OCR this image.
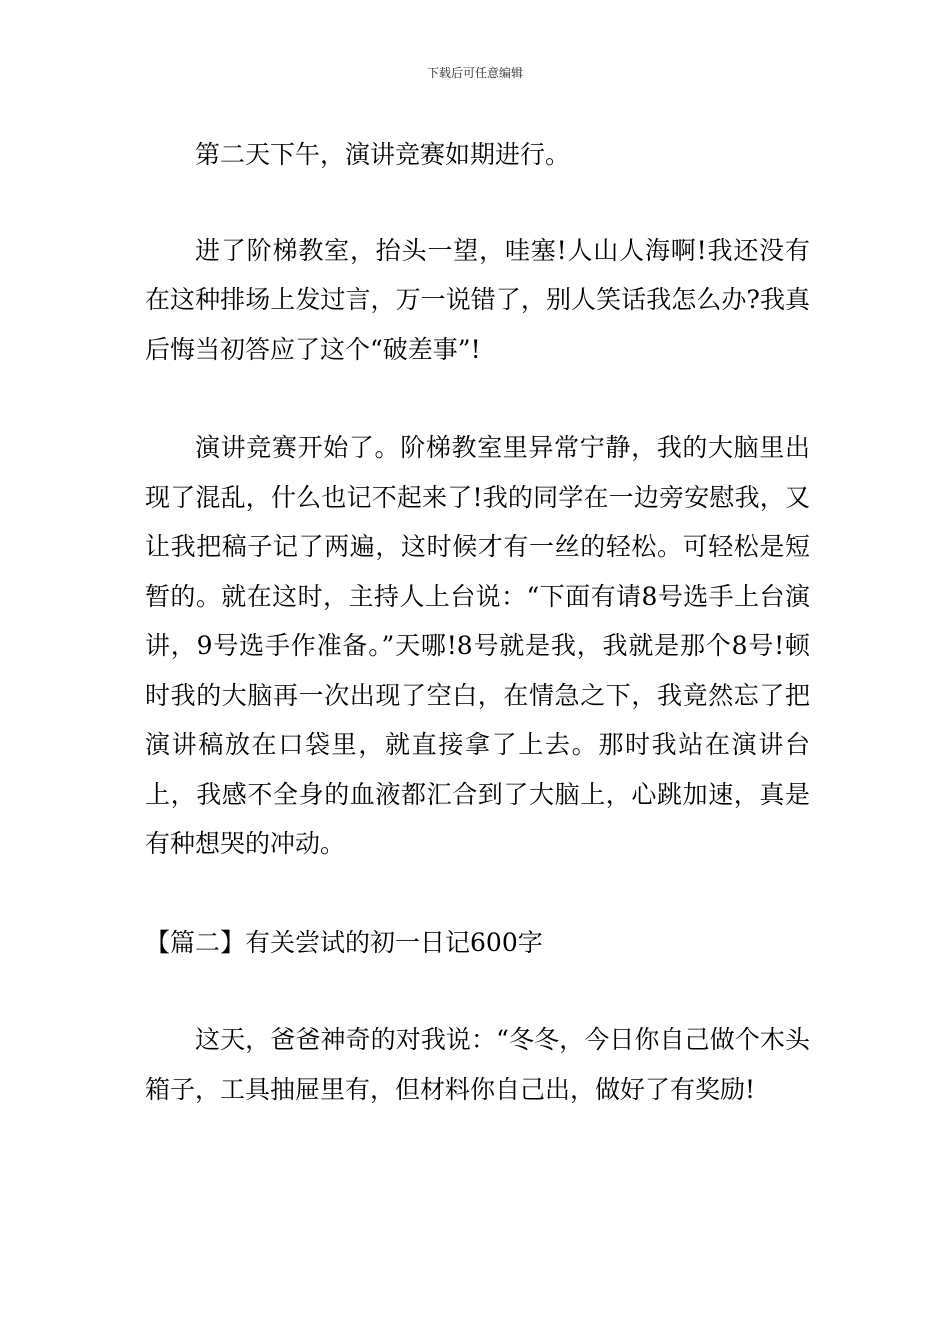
下载后可任意编辑

第二天下午，演讲竞赛如期进行。

进了阶梯教室，抬头一望，哇塞!人山人海啊!我还没有在这种排场上发过言，万一说错了，别人笑话我怎么办?我真后悔当初答应了这个“破差事”!

演讲竞赛开始了。阶梯教室里异常宁静，我的大脑里出现了混乱，什么也记不起来了!我的同学在一边旁安慰我，又让我把稿子记了两遍，这时候才有一丝的轻松。可轻松是短暂的。就在这时，主持人上台说：“下面有请8号选手上台演讲，9号选手作准备。”天哪!8号就是我，我就是那个8号!顿时我的大脑再一次出现了空白，在情急之下，我竟然忘了把演讲稿放在口袋里，就直接拿了上去。那时我站在演讲台上，我感不全身的血液都汇合到了大脑上，心跳加速，真是有种想哭的冲动。

【篇二】有关尝试的初一日记600字

这天，爸爸神奇的对我说：“冬冬，今日你自己做个木头箱子，工具抽屉里有，但材料你自己出，做好了有奖励!
